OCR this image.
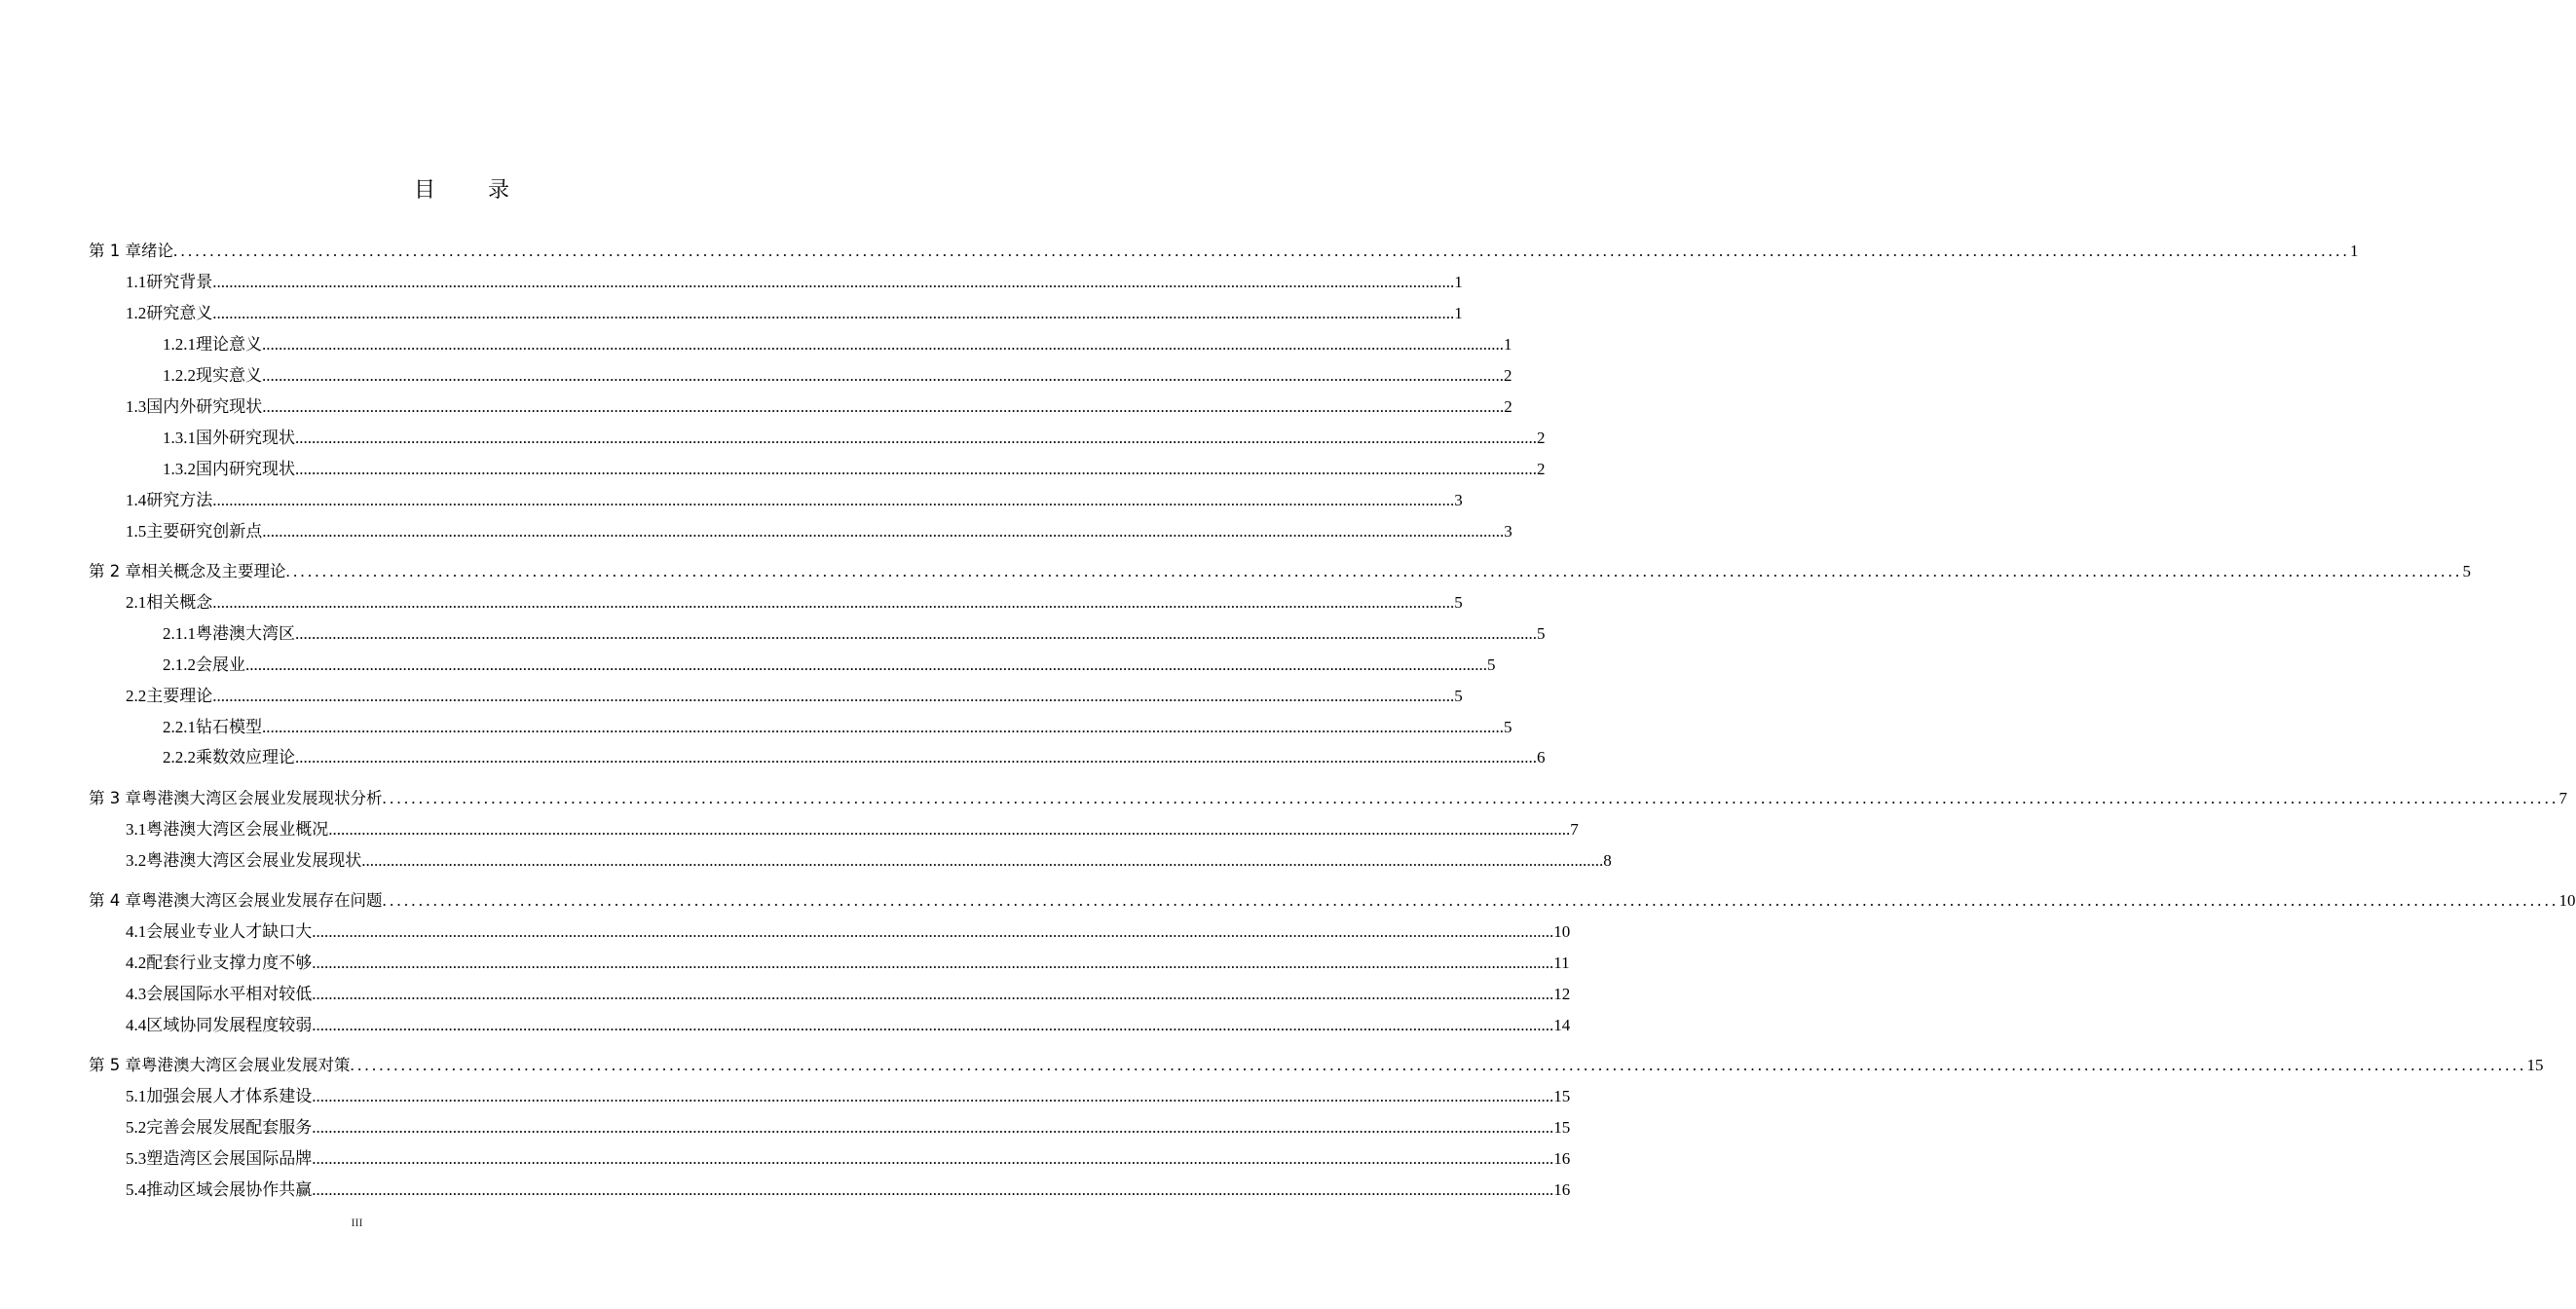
目 录
第 1 章 绪论 ............................................................................................................................................................................................................................................................................................................ 1
1.1 研究背景 ............................................................................................................................................................................................................................................................................................................ 1
1.2 研究意义 ............................................................................................................................................................................................................................................................................................................ 1
1.2.1 理论意义 ............................................................................................................................................................................................................................................................................................................ 1
1.2.2 现实意义 ............................................................................................................................................................................................................................................................................................................ 2
1.3 国内外研究现状 ............................................................................................................................................................................................................................................................................................................ 2
1.3.1 国外研究现状 ............................................................................................................................................................................................................................................................................................................ 2
1.3.2 国内研究现状 ............................................................................................................................................................................................................................................................................................................ 2
1.4 研究方法 ............................................................................................................................................................................................................................................................................................................ 3
1.5 主要研究创新点 ............................................................................................................................................................................................................................................................................................................ 3
第 2 章 相关概念及主要理论 ............................................................................................................................................................................................................................................................................................................ 5
2.1 相关概念 ............................................................................................................................................................................................................................................................................................................ 5
2.1.1 粤港澳大湾区 ............................................................................................................................................................................................................................................................................................................ 5
2.1.2 会展业 ............................................................................................................................................................................................................................................................................................................ 5
2.2 主要理论 ............................................................................................................................................................................................................................................................................................................ 5
2.2.1 钻石模型 ............................................................................................................................................................................................................................................................................................................ 5
2.2.2 乘数效应理论 ............................................................................................................................................................................................................................................................................................................ 6
第 3 章 粤港澳大湾区会展业发展现状分析 ............................................................................................................................................................................................................................................................................................................ 7
3.1 粤港澳大湾区会展业概况 ............................................................................................................................................................................................................................................................................................................ 7
3.2 粤港澳大湾区会展业发展现状 ............................................................................................................................................................................................................................................................................................................ 8
第 4 章 粤港澳大湾区会展业发展存在问题 ............................................................................................................................................................................................................................................................................................................ 10
4.1 会展业专业人才缺口大 ............................................................................................................................................................................................................................................................................................................ 10
4.2 配套行业支撑力度不够 ............................................................................................................................................................................................................................................................................................................ 11
4.3 会展国际水平相对较低 ............................................................................................................................................................................................................................................................................................................ 12
4.4 区域协同发展程度较弱 ............................................................................................................................................................................................................................................................................................................ 14
第 5 章 粤港澳大湾区会展业发展对策 ............................................................................................................................................................................................................................................................................................................ 15
5.1 加强会展人才体系建设 ............................................................................................................................................................................................................................................................................................................ 15
5.2 完善会展发展配套服务 ............................................................................................................................................................................................................................................................................................................ 15
5.3 塑造湾区会展国际品牌 ............................................................................................................................................................................................................................................................................................................ 16
5.4 推动区域会展协作共赢 ............................................................................................................................................................................................................................................................................................................ 16
III
